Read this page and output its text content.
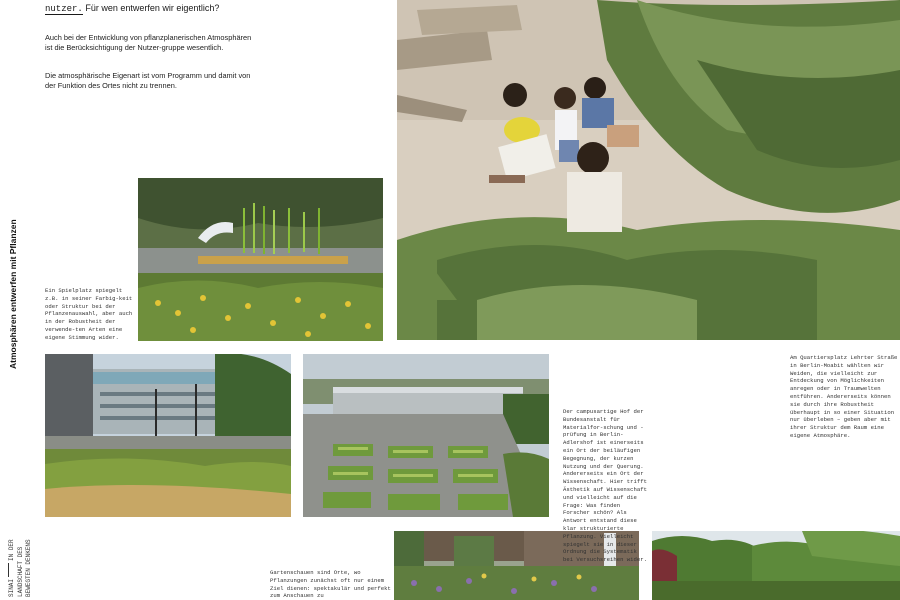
nutzer. Für wen entwerfen wir eigentlich?

Auch bei der Entwicklung von pflanzplanerischen Atmosphären ist die Berücksichtigung der Nutzer-gruppe wesentlich.

Die atmosphärische Eigenart ist vom Programm und damit von der Funktion des Ortes nicht zu trennen.

Atmosphären entwerfen mit Pflanzen
SINAI
IN DER LANDSCHAFT DES BEWEGTEN DENKENS

Ein Spielplatz spiegelt z.B. in seiner Farbig-keit oder Struktur bei der Pflanzenauswahl, aber auch in der Robustheit der verwende-ten Arten eine eigene Stimmung wider.

Der campusartige Hof der Bundesanstalt für Materialfor-schung und -prüfung in Berlin-Adlershof ist einerseits ein Ort der beiläufigen Begegnung, der kurzen Nutzung und der Querung. Andererseits ein Ort der Wissenschaft. Hier trifft Ästhetik auf Wissenschaft und vielleicht auf die Frage: Was finden Forscher schön? Als Antwort entstand diese klar strukturierte Pflanzung. Vielleicht spiegelt sie in dieser Ordnung die Systematik bei Versuchsreihen wider.

Am Quartiersplatz Lehrter Straße in Berlin-Moabit wählten wir Weiden, die vielleicht zur Entdeckung von Möglichkeiten anregen oder in Traumwelten entführen. Andererseits können sie durch ihre Robustheit überhaupt in so einer Situation nur überleben – geben aber mit ihrer Struktur dem Raum eine eigene Atmosphäre.

Gartenschauen sind Orte, wo Pflanzungen zunächst oft nur einem Ziel dienen: spektakulär und perfekt zum Anschauen zu
